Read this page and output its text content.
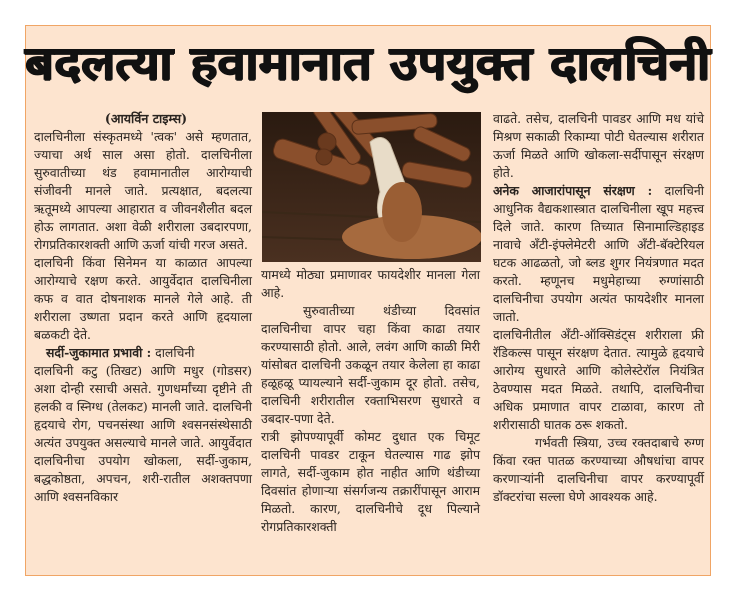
बदलत्या हवामानात उपयुक्त दालचिनी

(आयर्विन टाइम्स)

दालचिनीला संस्कृतमध्ये 'त्वक' असे म्हणतात, ज्याचा अर्थ साल असा होतो. दालचिनीला सुरुवातीच्या थंड हवामानातील आरोग्याची संजीवनी मानले जाते. प्रत्यक्षात, बदलत्या ऋतूमध्ये आपल्या आहारात व जीवनशैलीत बदल होऊ लागतात. अशा वेळी शरीराला उबदारपणा, रोगप्रतिकारशक्ती आणि ऊर्जा यांची गरज असते.

दालचिनी किंवा सिनेमन या काळात आपल्या आरोग्याचे रक्षण करते. आयुर्वेदात दालचिनीला कफ व वात दोषनाशक मानले गेले आहे. ती शरीराला उष्णता प्रदान करते आणि हृदयाला बळकटी देते.

सर्दी-जुकामात प्रभावी : दालचिनी

दालचिनी कटु (तिखट) आणि मधुर (गोडसर) अशा दोन्ही रसाची असते. गुणधर्मांच्या दृष्टीने ती हलकी व स्निग्ध (तेलकट) मानली जाते. दालचिनी हृदयाचे रोग, पचनसंस्था आणि श्वसनसंस्थेसाठी अत्यंत उपयुक्त असल्याचे मानले जाते. आयुर्वेदात दालचिनीचा उपयोग खोकला, सर्दी-जुकाम, बद्धकोष्ठता, अपचन, शरी-रातील अशक्तपणा आणि श्वसनविकार

यामध्ये मोठ्या प्रमाणावर फायदेशीर मानला गेला आहे.

सुरुवातीच्या थंडीच्या दिवसांत दालचिनीचा वापर चहा किंवा काढा तयार करण्यासाठी होतो. आले, लवंग आणि काळी मिरी यांसोबत दालचिनी उकळून तयार केलेला हा काढा हळूहळू प्यायल्याने सर्दी-जुकाम दूर होतो. तसेच, दालचिनी शरीरातील रक्ताभिसरण सुधारते व उबदार-पणा देते.

रात्री झोपण्यापूर्वी कोमट दुधात एक चिमूट दालचिनी पावडर टाकून घेतल्यास गाढ झोप लागते, सर्दी-जुकाम होत नाहीत आणि थंडीच्या दिवसांत होणाऱ्या संसर्गजन्य तक्रारींपासून आराम मिळतो. कारण, दालचिनीचे दूध पिल्याने रोगप्रतिकारशक्ती

वाढते. तसेच, दालचिनी पावडर आणि मध यांचे मिश्रण सकाळी रिकाम्या पोटी घेतल्यास शरीरात ऊर्जा मिळते आणि खोकला-सर्दीपासून संरक्षण होते.

अनेक आजारांपासून संरक्षण : दालचिनी आधुनिक वैद्यकशास्त्रात दालचिनीला खूप महत्त्व दिले जाते. कारण तिच्यात सिनामाल्डिहाइड नावाचे अँटी-इंफ्लेमेटरी आणि अँटी-बॅक्टेरियल घटक आढळतो, जो ब्लड शुगर नियंत्रणात मदत करतो. म्हणूनच मधुमेहाच्या रुग्णांसाठी दालचिनीचा उपयोग अत्यंत फायदेशीर मानला जातो.

दालचिनीतील अँटी-ऑक्सिडंट्स शरीराला फ्री रॅडिकल्स पासून संरक्षण देतात. त्यामुळे हृदयाचे आरोग्य सुधारते आणि कोलेस्टेरॉल नियंत्रित ठेवण्यास मदत मिळते. तथापि, दालचिनीचा अधिक प्रमाणात वापर टाळावा, कारण तो शरीरासाठी घातक ठरू शकतो.

गर्भवती स्त्रिया, उच्च रक्तदाबाचे रुग्ण किंवा रक्त पातळ करण्याच्या औषधांचा वापर करणाऱ्यांनी दालचिनीचा वापर करण्यापूर्वी डॉक्टरांचा सल्ला घेणे आवश्यक आहे.
